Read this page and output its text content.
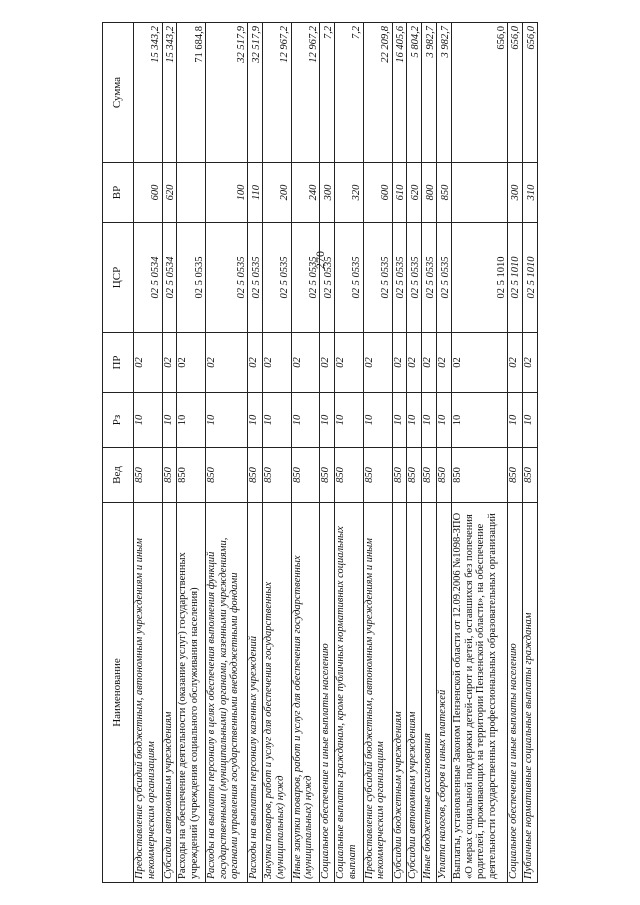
270
Наименование	Вед	Рз	ПР	ЦСР	ВР	Сумма
Предоставление субсидий бюджетным, автономным учреждениям и иным некоммерческим организациям	850	10	02	02 5 0534	600	15 343,2
Субсидии автономным учреждениям	850	10	02	02 5 0534	620	15 343,2
Расходы на обеспечение деятельности (оказание услуг) государственных учреждений (учреждения социального обслуживания населения)	850	10	02	02 5 0535		71 684,8
Расходы на выплаты персоналу в целях обеспечения выполнения функций государственными (муниципальными) органами, казенными учреждениями, органами управления государственными внебюджетными фондами	850	10	02	02 5 0535	100	32 517,9
Расходы на выплаты персоналу казенных учреждений	850	10	02	02 5 0535	110	32 517,9
Закупка товаров, работ и услуг для обеспечения государственных (муниципальных) нужд	850	10	02	02 5 0535	200	12 967,2
Иные закупки товаров, работ и услуг для обеспечения государственных (муниципальных) нужд	850	10	02	02 5 0535	240	12 967,2
Социальное обеспечение и иные выплаты населению	850	10	02	02 5 0535	300	7,2
Социальные выплаты гражданам, кроме публичных нормативных социальных выплат	850	10	02	02 5 0535	320	7,2
Предоставление субсидий бюджетным, автономным учреждениям и иным некоммерческим организациям	850	10	02	02 5 0535	600	22 209,8
Субсидии бюджетным учреждениям	850	10	02	02 5 0535	610	16 405,6
Субсидии автономным учреждениям	850	10	02	02 5 0535	620	5 804,2
Иные бюджетные ассигнования	850	10	02	02 5 0535	800	3 982,7
Уплата налогов, сборов и иных платежей	850	10	02	02 5 0535	850	3 982,7
Выплаты, установленные Законом Пензенской области от 12.09.2006 №1098-ЗПО «О мерах социальной поддержки детей-сирот и детей, оставшихся без попечения родителей, проживающих на территории Пензенской области», на обеспечение деятельности государственных профессиональных образовательных организаций	850	10	02	02 5 1010		656,0
Социальное обеспечение и иные выплаты населению	850	10	02	02 5 1010	300	656,0
Публичные нормативные социальные выплаты гражданам	850	10	02	02 5 1010	310	656,0
